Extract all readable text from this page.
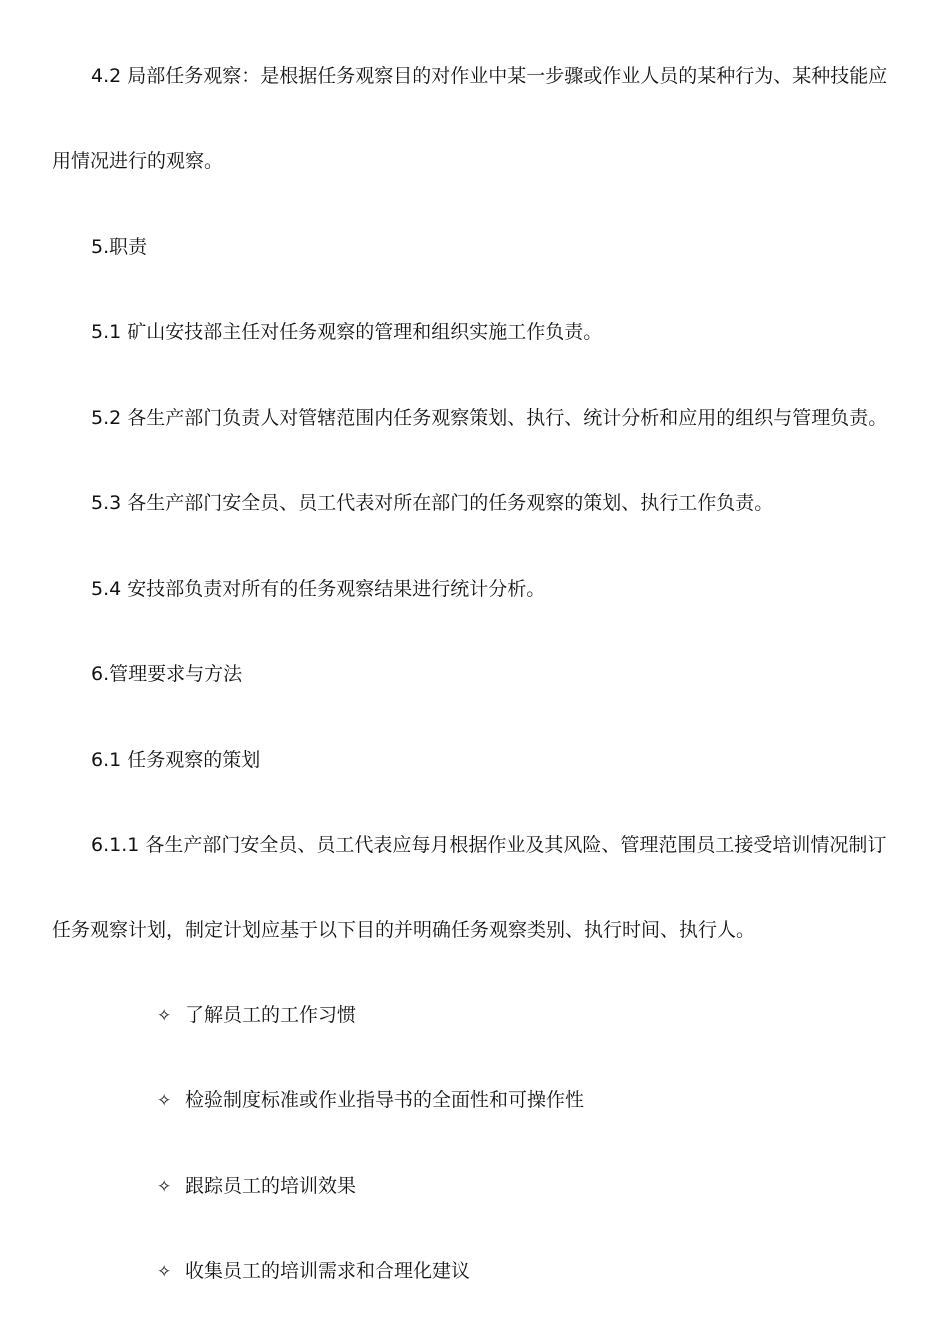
4.2 局部任务观察：是根据任务观察目的对作业中某一步骤或作业人员的某种行为、某种技能应
用情况进行的观察。
5.职责
5.1 矿山安技部主任对任务观察的管理和组织实施工作负责。
5.2 各生产部门负责人对管辖范围内任务观察策划、执行、统计分析和应用的组织与管理负责。
5.3 各生产部门安全员、员工代表对所在部门的任务观察的策划、执行工作负责。
5.4 安技部负责对所有的任务观察结果进行统计分析。
6.管理要求与方法
6.1 任务观察的策划
6.1.1 各生产部门安全员、员工代表应每月根据作业及其风险、管理范围员工接受培训情况制订
任务观察计划，制定计划应基于以下目的并明确任务观察类别、执行时间、执行人。
✧ 了解员工的工作习惯
✧ 检验制度标准或作业指导书的全面性和可操作性
✧ 跟踪员工的培训效果
✧ 收集员工的培训需求和合理化建议
